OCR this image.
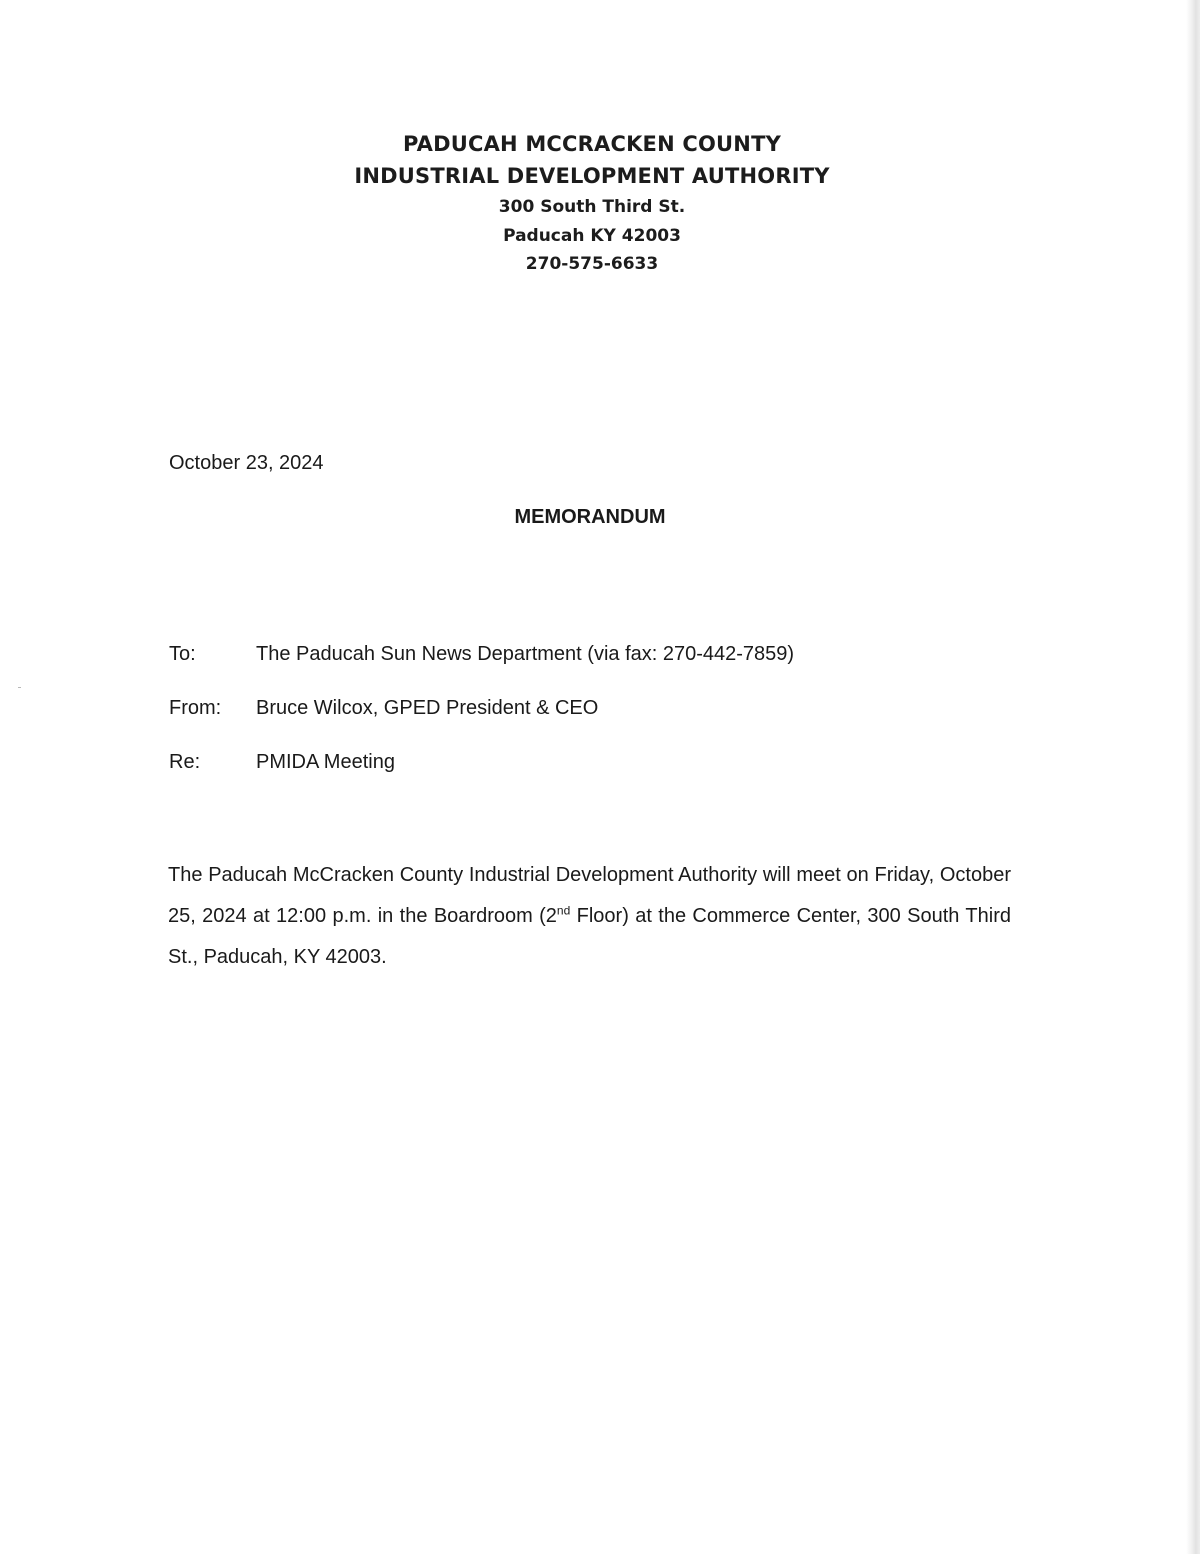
PADUCAH MCCRACKEN COUNTY
INDUSTRIAL DEVELOPMENT AUTHORITY
300 South Third St.
Paducah KY 42003
270-575-6633
October 23, 2024
MEMORANDUM
To:	The Paducah Sun News Department (via fax: 270-442-7859)
From: Bruce Wilcox, GPED President & CEO
Re:	PMIDA Meeting
The Paducah McCracken County Industrial Development Authority will meet on Friday, October 25, 2024 at 12:00 p.m. in the Boardroom (2nd Floor) at the Commerce Center, 300 South Third St., Paducah, KY 42003.
